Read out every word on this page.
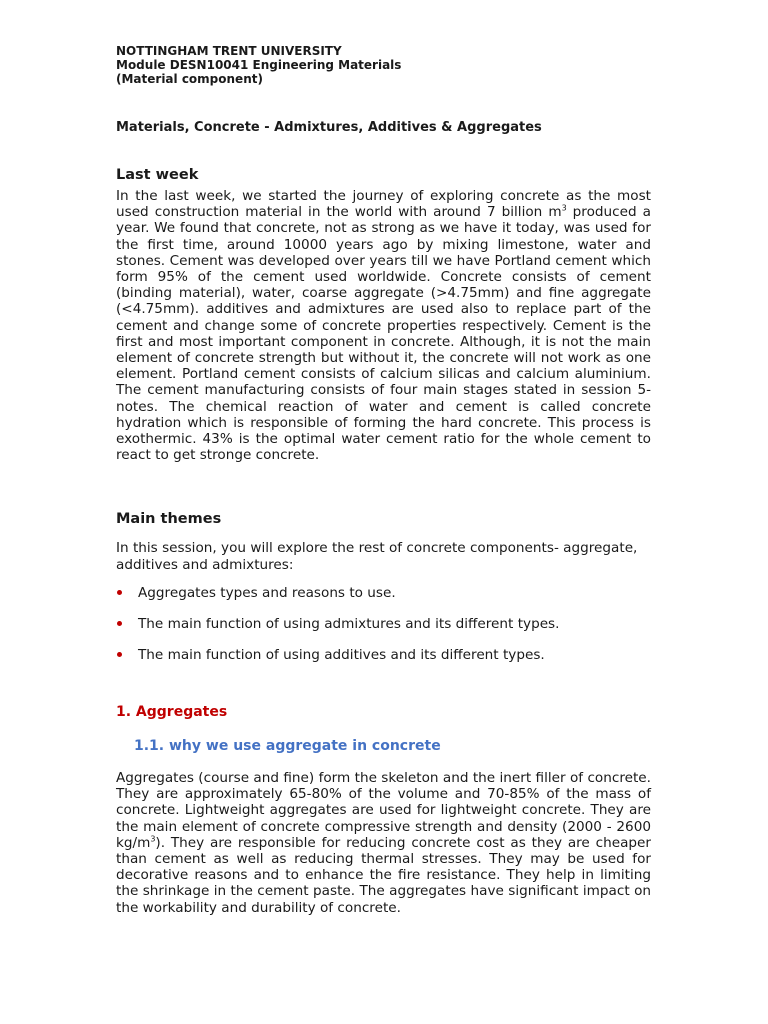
NOTTINGHAM TRENT UNIVERSITY

Module DESN10041 Engineering Materials

(Material component)

Materials, Concrete - Admixtures, Additives & Aggregates

Last week

In the last week, we started the journey of exploring concrete as the most used construction material in the world with around 7 billion $m^3$ produced a year. We found that concrete, not as strong as we have it today, was used for the first time, around 10000 years ago by mixing limestone, water and stones. Cement was developed over years till we have Portland cement which form 95% of the cement used worldwide. Concrete consists of cement (binding material), water, coarse aggregate (>4.75mm) and fine aggregate (<4.75mm). additives and admixtures are used also to replace part of the cement and change some of concrete properties respectively. Cement is the first and most important component in concrete. Although, it is not the main element of concrete strength but without it, the concrete will not work as one element. Portland cement consists of calcium silicas and calcium aluminium. The cement manufacturing consists of four main stages stated in session 5-notes. The chemical reaction of water and cement is called concrete hydration which is responsible of forming the hard concrete. This process is exothermic. 43% is the optimal water cement ratio for the whole cement to react to get stronge concrete.

Main themes

In this session, you will explore the rest of concrete components- aggregate, additives and admixtures:

Aggregates types and reasons to use.
The main function of using admixtures and its different types.
The main function of using additives and its different types.

1. Aggregates

1.1. why we use aggregate in concrete

Aggregates (course and fine) form the skeleton and the inert filler of concrete. They are approximately 65-80% of the volume and 70-85% of the mass of concrete. Lightweight aggregates are used for lightweight concrete. They are the main element of concrete compressive strength and density (2000 - 2600 $kg/m^3$). They are responsible for reducing concrete cost as they are cheaper than cement as well as reducing thermal stresses. They may be used for decorative reasons and to enhance the fire resistance. They help in limiting the shrinkage in the cement paste. The aggregates have significant impact on the workability and durability of concrete.
